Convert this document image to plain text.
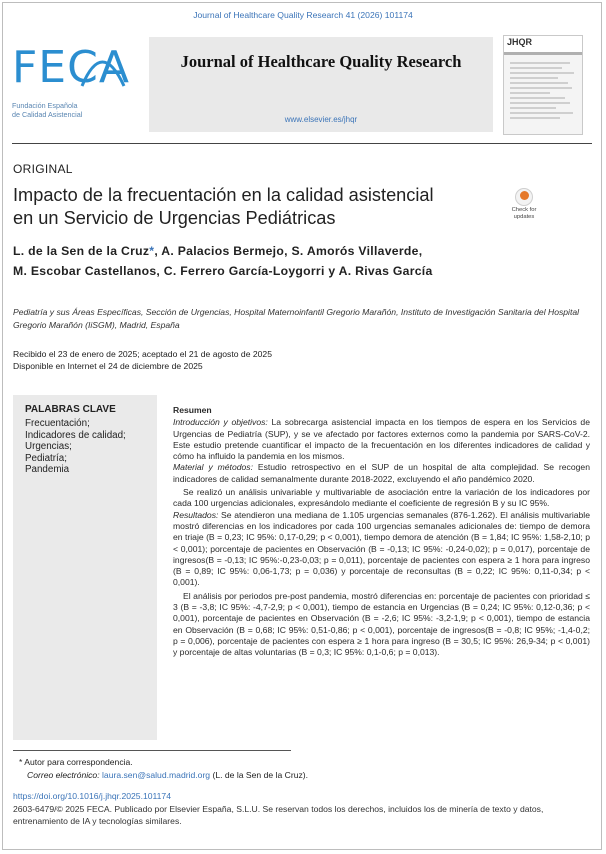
Journal of Healthcare Quality Research 41 (2026) 101174
FECA
Fundación Española
de Calidad Asistencial
Journal of Healthcare Quality Research
www.elsevier.es/jhqr
JHQR
ORIGINAL
Impacto de la frecuentación en la calidad asistencial
en un Servicio de Urgencias Pediátricas	Check for
updates
L. de la Sen de la Cruz*, A. Palacios Bermejo, S. Amorós Villaverde,
M. Escobar Castellanos, C. Ferrero García-Loygorri y A. Rivas García
Pediatría y sus Áreas Específicas, Sección de Urgencias, Hospital Maternoinfantil Gregorio Marañón, Instituto de Investigación Sanitaria del Hospital Gregorio Marañón (IiSGM), Madrid, España
Recibido el 23 de enero de 2025; aceptado el 21 de agosto de 2025
Disponible en Internet el 24 de diciembre de 2025
PALABRAS CLAVE
Frecuentación;
Indicadores de calidad;
Urgencias;
Pediatría;
Pandemia
Resumen

Introducción y objetivos: La sobrecarga asistencial impacta en los tiempos de espera en los Servicios de Urgencias de Pediatría (SUP), y se ve afectado por factores externos como la pandemia por SARS-CoV-2. Este estudio pretende cuantificar el impacto de la frecuentación en los diferentes indicadores de calidad y cómo ha influido la pandemia en los mismos.

Material y métodos: Estudio retrospectivo en el SUP de un hospital de alta complejidad. Se recogen indicadores de calidad semanalmente durante 2018-2022, excluyendo el año pandémico 2020.

Se realizó un análisis univariable y multivariable de asociación entre la variación de los indicadores por cada 100 urgencias adicionales, expresándolo mediante el coeficiente de regresión B y su IC 95%.

Resultados: Se atendieron una mediana de 1.105 urgencias semanales (876-1.262). El análisis multivariable mostró diferencias en los indicadores por cada 100 urgencias semanales adicionales de: tiempo de demora en triaje (B = 0,23; IC 95%: 0,17-0,29; p < 0,001), tiempo demora de atención (B = 1,84; IC 95%: 1,58-2,10; p < 0,001); porcentaje de pacientes en Observación (B = -0,13; IC 95%: -0,24-0,02); p = 0,017), porcentaje de ingresos(B = -0,13; IC 95%:-0,23-0,03; p = 0,011), porcentaje de pacientes con espera ≥ 1 hora para ingreso (B = 0,89; IC 95%: 0,06-1,73; p = 0,036) y porcentaje de reconsultas (B = 0,22; IC 95%: 0,11-0,34; p < 0,001).

El análisis por periodos pre-post pandemia, mostró diferencias en: porcentaje de pacientes con prioridad ≤ 3 (B = -3,8; IC 95%: -4,7-2,9; p < 0,001), tiempo de estancia en Urgencias (B = 0,24; IC 95%: 0,12-0,36; p < 0,001), porcentaje de pacientes en Observación (B = -2,6; IC 95%: -3,2-1,9; p < 0,001), tiempo de estancia en Observación (B = 0,68; IC 95%: 0,51-0,86; p < 0,001), porcentaje de ingresos(B = -0,8; IC 95%; -1,4-0,2; p = 0,006), porcentaje de pacientes con espera ≥ 1 hora para ingreso (B = 30,5; IC 95%: 26,9-34; p < 0,001) y porcentaje de altas voluntarias (B = 0,3; IC 95%: 0,1-0,6; p = 0,013).

* Autor para correspondencia.
Correo electrónico: laura.sen@salud.madrid.org (L. de la Sen de la Cruz).
https://doi.org/10.1016/j.jhqr.2025.101174
2603-6479/© 2025 FECA. Publicado por Elsevier España, S.L.U. Se reservan todos los derechos, incluidos los de minería de texto y datos, entrenamiento de IA y tecnologías similares.
